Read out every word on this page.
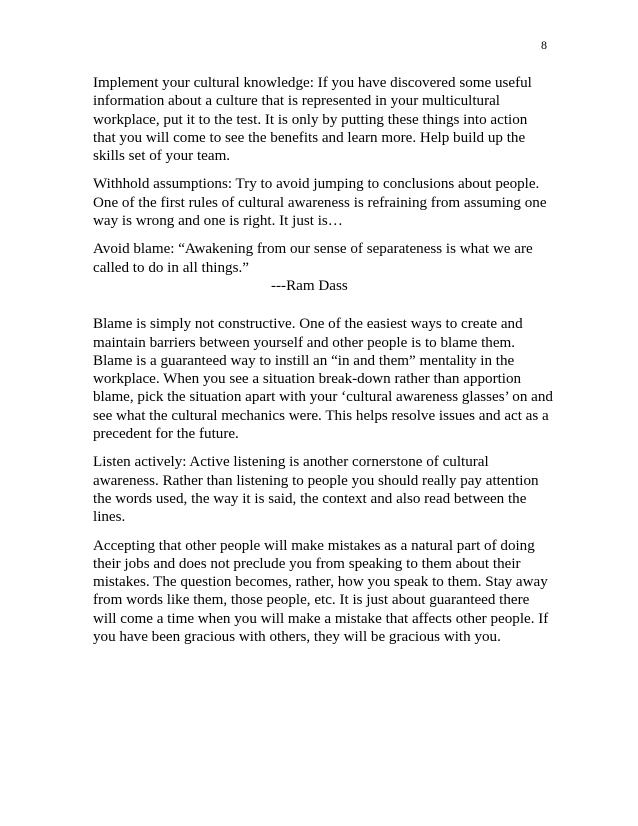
8

Implement your cultural knowledge: If you have discovered some useful information about a culture that is represented in your multicultural workplace, put it to the test. It is only by putting these things into action that you will come to see the benefits and learn more. Help build up the skills set of your team.

Withhold assumptions: Try to avoid jumping to conclusions about people. One of the first rules of cultural awareness is refraining from assuming one way is wrong and one is right. It just is…

Avoid blame: “Awakening from our sense of separateness is what we are called to do in all things.”

---Ram Dass

Blame is simply not constructive. One of the easiest ways to create and maintain barriers between yourself and other people is to blame them. Blame is a guaranteed way to instill an “in and them” mentality in the workplace. When you see a situation break-down rather than apportion blame, pick the situation apart with your ‘cultural awareness glasses’ on and see what the cultural mechanics were. This helps resolve issues and act as a precedent for the future.

Listen actively: Active listening is another cornerstone of cultural awareness. Rather than listening to people you should really pay attention the words used, the way it is said, the context and also read between the lines.

Accepting that other people will make mistakes as a natural part of doing their jobs and does not preclude you from speaking to them about their mistakes. The question becomes, rather, how you speak to them. Stay away from words like them, those people, etc. It is just about guaranteed there will come a time when you will make a mistake that affects other people. If you have been gracious with others, they will be gracious with you.
